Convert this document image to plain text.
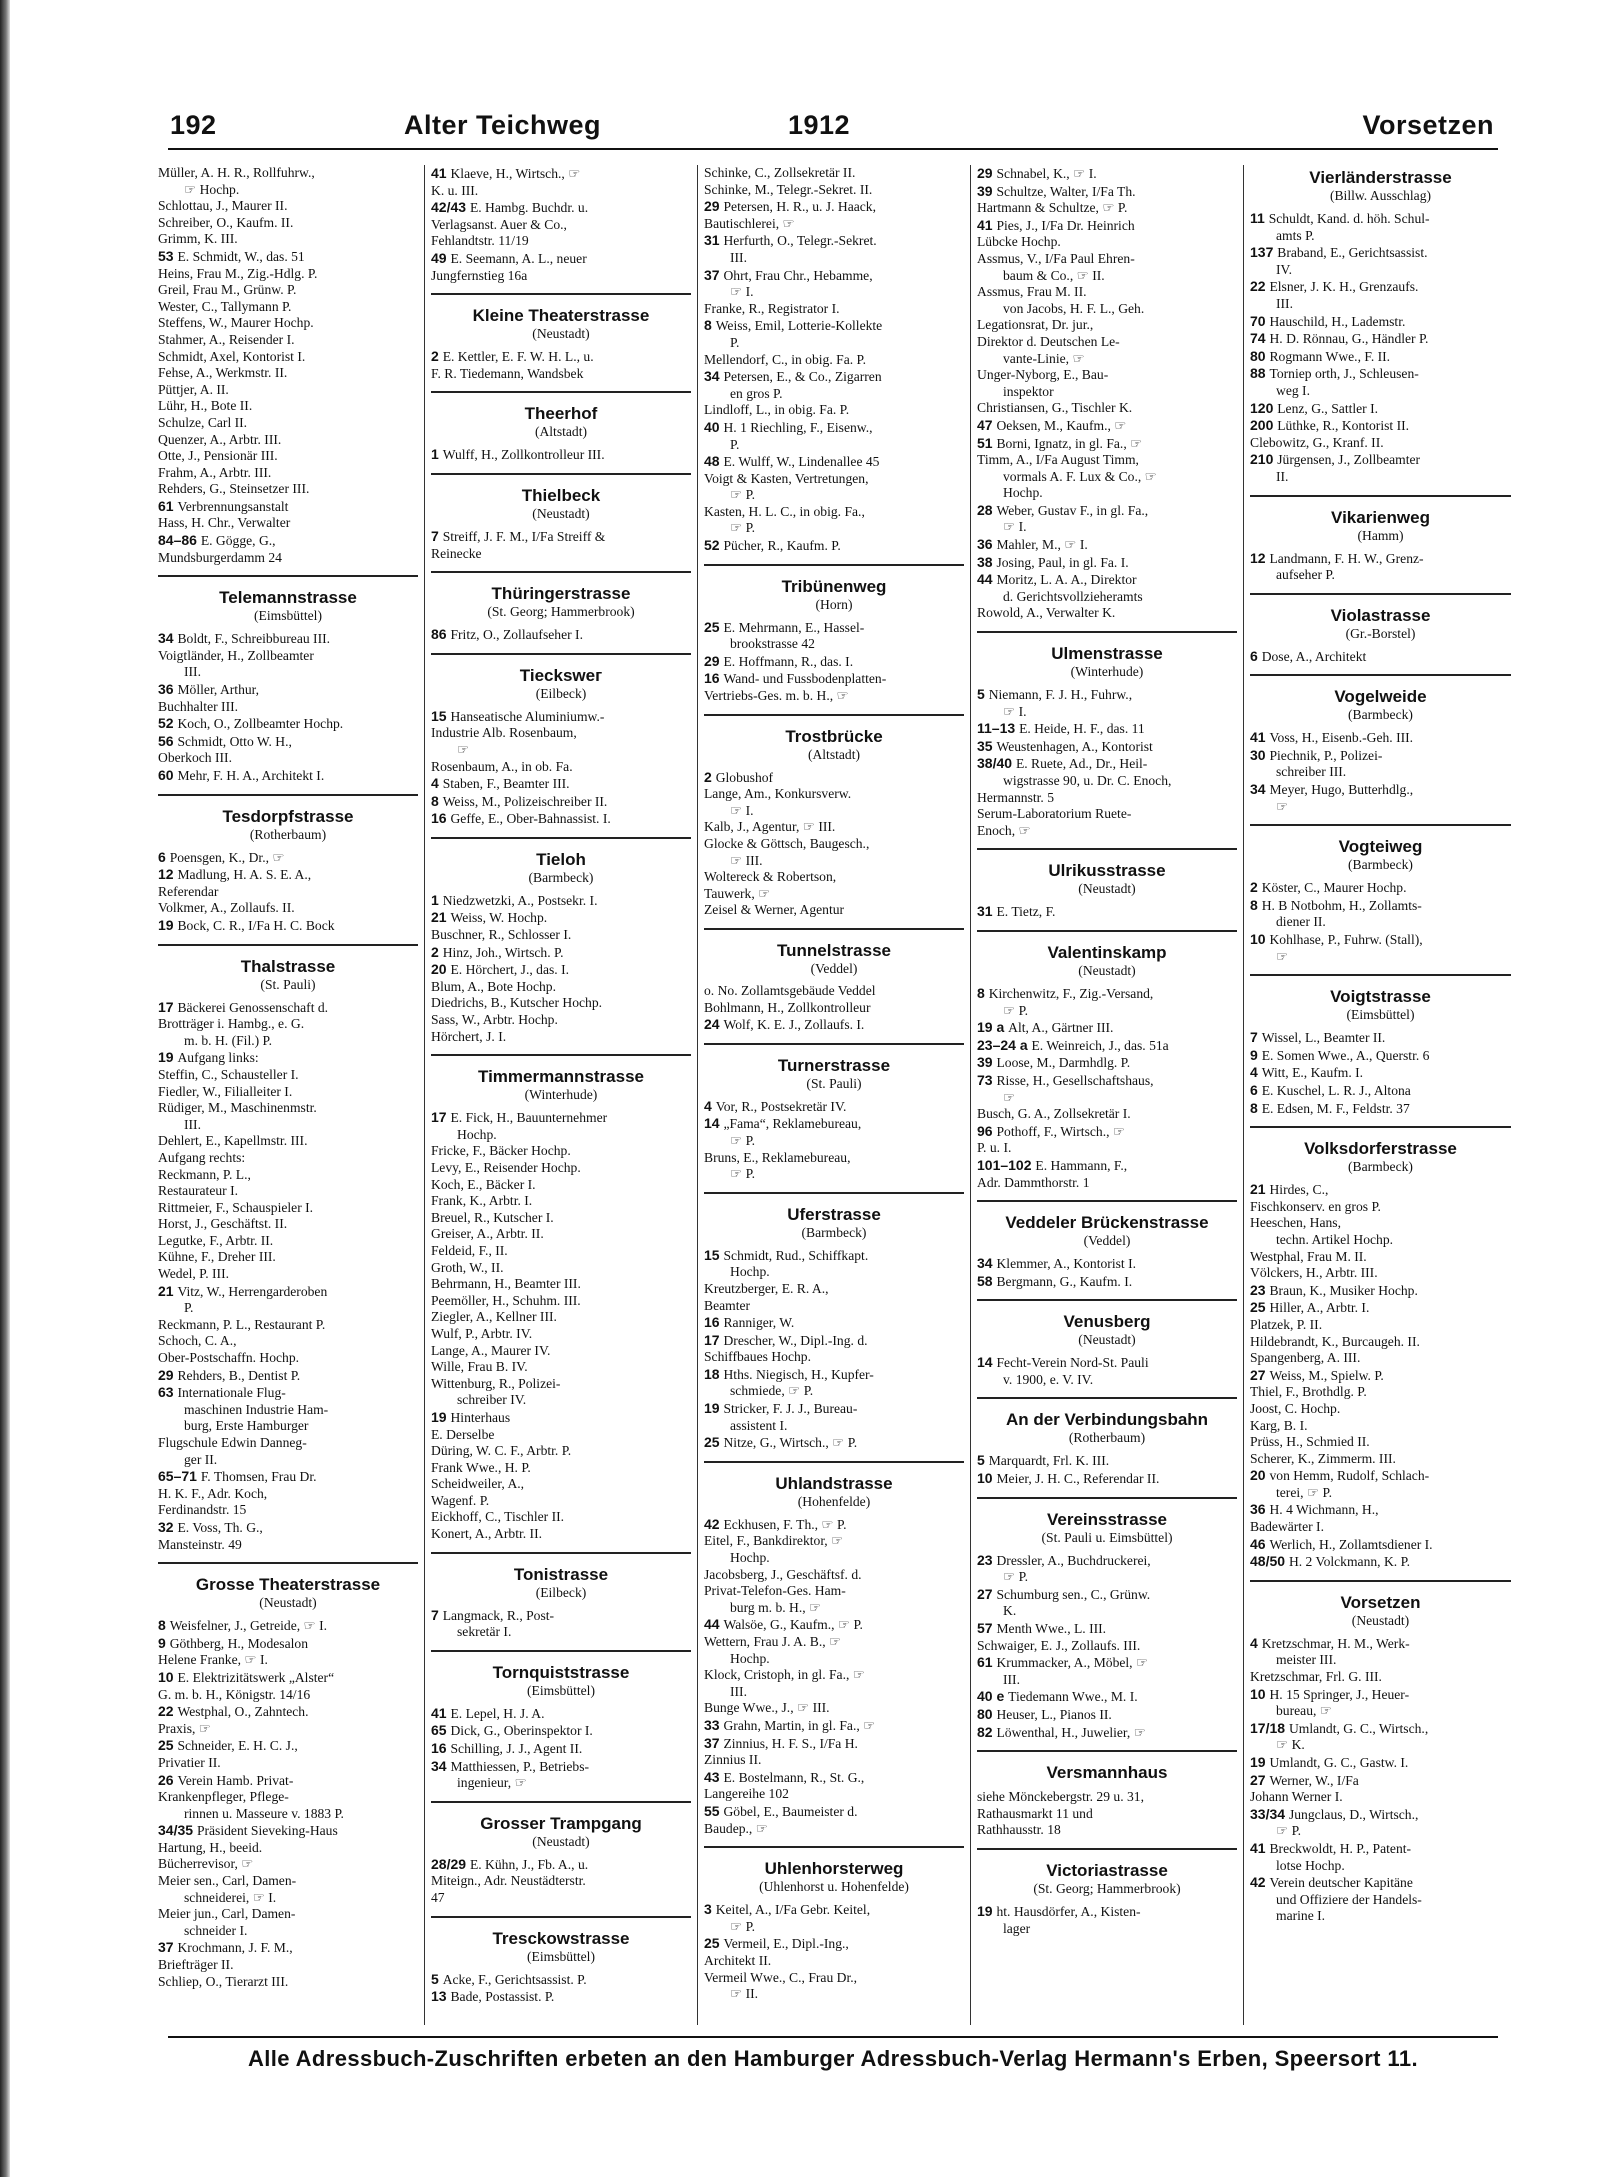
192	Alter Teichweg	1912	Vorsetzen
Müller, A. H. R., Rollfuhrw.,
☞ Hochp.
Schlottau, J., Maurer II.
Schreiber, O., Kaufm. II.
Grimm, K. III.
53 E. Schmidt, W., das. 51
Heins, Frau M., Zig.-Hdlg. P.
Greil, Frau M., Grünw. P.
Wester, C., Tallymann P.
Steffens, W., Maurer Hochp.
Stahmer, A., Reisender I.
Schmidt, Axel, Kontorist I.
Fehse, A., Werkmstr. II.
Püttjer, A. II.
Lühr, H., Bote II.
Schulze, Carl II.
Quenzer, A., Arbtr. III.
Otte, J., Pensionär III.
Frahm, A., Arbtr. III.
Rehders, G., Steinsetzer III.
61 Verbrennungsanstalt
Hass, H. Chr., Verwalter
84–86 E. Gögge, G.,
Mundsburgerdamm 24
Telemannstrasse
(Eimsbüttel)
34 Boldt, F., Schreibbureau III.
Voigtländer, H., Zollbeamter
III.
36 Möller, Arthur,
Buchhalter III.
52 Koch, O., Zollbeamter Hochp.
56 Schmidt, Otto W. H.,
Oberkoch III.
60 Mehr, F. H. A., Architekt I.
Tesdorpfstrasse
(Rotherbaum)
6 Poensgen, K., Dr., ☞
12 Madlung, H. A. S. E. A.,
Referendar
Volkmer, A., Zollaufs. II.
19 Bock, C. R., I/Fa H. C. Bock
Thalstrasse
(St. Pauli)
17 Bäckerei Genossenschaft d.
Brotträger i. Hambg., e. G.
m. b. H. (Fil.) P.
19 Aufgang links:
Steffin, C., Schausteller I.
Fiedler, W., Filialleiter I.
Rüdiger, M., Maschinenmstr.
III.
Dehlert, E., Kapellmstr. III.
Aufgang rechts:
Reckmann, P. L.,
Restaurateur I.
Rittmeier, F., Schauspieler I.
Horst, J., Geschäftst. II.
Legutke, F., Arbtr. II.
Kühne, F., Dreher III.
Wedel, P. III.
21 Vitz, W., Herrengarderoben
P.
Reckmann, P. L., Restaurant P.
Schoch, C. A.,
Ober-Postschaffn. Hochp.
29 Rehders, B., Dentist P.
63 Internationale Flug-
maschinen Industrie Ham-
burg, Erste Hamburger
Flugschule Edwin Danneg-
ger II.
65–71 F. Thomsen, Frau Dr.
H. K. F., Adr. Koch,
Ferdinandstr. 15
32 E. Voss, Th. G.,
Mansteinstr. 49
Grosse Theaterstrasse
(Neustadt)
8 Weisfelner, J., Getreide, ☞ I.
9 Göthberg, H., Modesalon
Helene Franke, ☞ I.
10 E. Elektrizitätswerk „Alster“
G. m. b. H., Königstr. 14/16
22 Westphal, O., Zahntech.
Praxis, ☞
25 Schneider, E. H. C. J.,
Privatier II.
26 Verein Hamb. Privat-
Krankenpfleger, Pflege-
rinnen u. Masseure v. 1883 P.
34/35 Präsident Sieveking-Haus
Hartung, H., beeid.
Bücherrevisor, ☞
Meier sen., Carl, Damen-
schneiderei, ☞ I.
Meier jun., Carl, Damen-
schneider I.
37 Krochmann, J. F. M.,
Briefträger II.
Schliep, O., Tierarzt III.
41 Klaeve, H., Wirtsch., ☞
K. u. III.
42/43 E. Hambg. Buchdr. u.
Verlagsanst. Auer & Co.,
Fehlandtstr. 11/19
49 E. Seemann, A. L., neuer
Jungfernstieg 16a
Kleine Theaterstrasse
(Neustadt)
2 E. Kettler, E. F. W. H. L., u.
F. R. Tiedemann, Wandsbek
Theerhof
(Altstadt)
1 Wulff, H., Zollkontrolleur III.
Thielbeck
(Neustadt)
7 Streiff, J. F. M., I/Fa Streiff &
Reinecke
Thüringerstrasse
(St. Georg; Hammerbrook)
86 Fritz, O., Zollaufseher I.
Tieckswег
(Eilbeck)
15 Hanseatische Aluminiumw.-
Industrie Alb. Rosenbaum,
☞
Rosenbaum, A., in ob. Fa.
4 Staben, F., Beamter III.
8 Weiss, M., Polizeischreiber II.
16 Geffe, E., Ober-Bahnassist. I.
Tieloh
(Barmbeck)
1 Niedzwetzki, A., Postsekr. I.
21 Weiss, W. Hochp.
Buschner, R., Schlosser I.
2 Hinz, Joh., Wirtsch. P.
20 E. Hörchert, J., das. I.
Blum, A., Bote Hochp.
Diedrichs, B., Kutscher Hochp.
Sass, W., Arbtr. Hochp.
Hörchert, J. I.
Timmermannstrasse
(Winterhude)
17 E. Fick, H., Bauunternehmer
Hochp.
Fricke, F., Bäcker Hochp.
Levy, E., Reisender Hochp.
Koch, E., Bäcker I.
Frank, K., Arbtr. I.
Breuel, R., Kutscher I.
Greiser, A., Arbtr. II.
Feldeid, F., II.
Groth, W., II.
Behrmann, H., Beamter III.
Peemöller, H., Schuhm. III.
Ziegler, A., Kellner III.
Wulf, P., Arbtr. IV.
Lange, A., Maurer IV.
Wille, Frau B. IV.
Wittenburg, R., Polizei-
schreiber IV.
19 Hinterhaus
E. Derselbe
Düring, W. C. F., Arbtr. P.
Frank Wwe., H. P.
Scheidweiler, A.,
Wagenf. P.
Eickhoff, C., Tischler II.
Konert, A., Arbtr. II.
Tonistrasse
(Eilbeck)
7 Langmack, R., Post-
sekretär I.
Tornquiststrasse
(Eimsbüttel)
41 E. Lepel, H. J. A.
65 Dick, G., Oberinspektor I.
16 Schilling, J. J., Agent II.
34 Matthiessen, P., Betriebs-
ingenieur, ☞
Grosser Trampgang
(Neustadt)
28/29 E. Kühn, J., Fb. A., u.
Miteign., Adr. Neustädterstr.
47
Tresckowstrasse
(Eimsbüttel)
5 Acke, F., Gerichtsassist. P.
13 Bade, Postassist. P.
Schinke, C., Zollsekretär II.
Schinke, M., Telegr.-Sekret. II.
29 Petersen, H. R., u. J. Haack,
Bautischlerei, ☞
31 Herfurth, O., Telegr.-Sekret.
III.
37 Ohrt, Frau Chr., Hebamme,
☞ I.
Franke, R., Registrator I.
8 Weiss, Emil, Lotterie-Kollekte
P.
Mellendorf, C., in obig. Fa. P.
34 Petersen, E., & Co., Zigarren
en gros P.
Lindloff, L., in obig. Fa. P.
40 H. 1 Riechling, F., Eisenw.,
P.
48 E. Wulff, W., Lindenallee 45
Voigt & Kasten, Vertretungen,
☞ P.
Kasten, H. L. C., in obig. Fa.,
☞ P.
52 Pücher, R., Kaufm. P.
Tribünenweg
(Horn)
25 E. Mehrmann, E., Hassel-
brookstrasse 42
29 E. Hoffmann, R., das. I.
16 Wand- und Fussbodenplatten-
Vertriebs-Ges. m. b. H., ☞
Trostbrücke
(Altstadt)
2 Globushof
Lange, Am., Konkursverw.
☞ I.
Kalb, J., Agentur, ☞ III.
Glocke & Göttsch, Baugesch.,
☞ III.
Woltereck & Robertson,
Tauwerk, ☞
Zeisel & Werner, Agentur
Tunnelstrasse
(Veddel)
o. No. Zollamtsgebäude Veddel
Bohlmann, H., Zollkontrolleur
24 Wolf, K. E. J., Zollaufs. I.
Turnerstrasse
(St. Pauli)
4 Vor, R., Postsekretär IV.
14 „Fama“, Reklamebureau,
☞ P.
Bruns, E., Reklamebureau,
☞ P.
Uferstrasse
(Barmbeck)
15 Schmidt, Rud., Schiffkapt.
Hochp.
Kreutzberger, E. R. A.,
Beamter
16 Ranniger, W.
17 Drescher, W., Dipl.-Ing. d.
Schiffbaues Hochp.
18 Hths. Niegisch, H., Kupfer-
schmiede, ☞ P.
19 Stricker, F. J. J., Bureau-
assistent I.
25 Nitze, G., Wirtsch., ☞ P.
Uhlandstrasse
(Hohenfelde)
42 Eckhusen, F. Th., ☞ P.
Eitel, F., Bankdirektor, ☞
Hochp.
Jacobsberg, J., Geschäftsf. d.
Privat-Telefon-Ges. Ham-
burg m. b. H., ☞
44 Walsöe, G., Kaufm., ☞ P.
Wettern, Frau J. A. B., ☞
Hochp.
Klock, Cristoph, in gl. Fa., ☞
III.
Bunge Wwe., J., ☞ III.
33 Grahn, Martin, in gl. Fa., ☞
37 Zinnius, H. F. S., I/Fa H.
Zinnius II.
43 E. Bostelmann, R., St. G.,
Langereihe 102
55 Göbel, E., Baumeister d.
Baudep., ☞
Uhlenhorsterweg
(Uhlenhorst u. Hohenfelde)
3 Keitel, A., I/Fa Gebr. Keitel,
☞ P.
25 Vermeil, E., Dipl.-Ing.,
Architekt II.
Vermeil Wwe., C., Frau Dr.,
☞ II.
29 Schnabel, K., ☞ I.
39 Schultze, Walter, I/Fa Th.
Hartmann & Schultze, ☞ P.
41 Pies, J., I/Fa Dr. Heinrich
Lübcke Hochp.
Assmus, V., I/Fa Paul Ehren-
baum & Co., ☞ II.
Assmus, Frau M. II.
von Jacobs, H. F. L., Geh.
Legationsrat, Dr. jur.,
Direktor d. Deutschen Le-
vante-Linie, ☞
Unger-Nyborg, E., Bau-
inspektor
Christiansen, G., Tischler K.
47 Oeksen, M., Kaufm., ☞
51 Borni, Ignatz, in gl. Fa., ☞
Timm, A., I/Fa August Timm,
vormals A. F. Lux & Co., ☞
Hochp.
28 Weber, Gustav F., in gl. Fa.,
☞ I.
36 Mahler, M., ☞ I.
38 Josing, Paul, in gl. Fa. I.
44 Moritz, L. A. A., Direktor
d. Gerichtsvollzieheramts
Rowold, A., Verwalter K.
Ulmenstrasse
(Winterhude)
5 Niemann, F. J. H., Fuhrw.,
☞ I.
11–13 E. Heide, H. F., das. 11
35 Weustenhagen, A., Kontorist
38/40 E. Ruete, Ad., Dr., Heil-
wigstrasse 90, u. Dr. C. Enoch,
Hermannstr. 5
Serum-Laboratorium Ruete-
Enoch, ☞
Ulrikusstrasse
(Neustadt)
31 E. Tietz, F.
Valentinskamp
(Neustadt)
8 Kirchenwitz, F., Zig.-Versand,
☞ P.
19 a Alt, A., Gärtner III.
23–24 a E. Weinreich, J., das. 51a
39 Loose, M., Darmhdlg. P.
73 Risse, H., Gesellschaftshaus,
☞
Busch, G. A., Zollsekretär I.
96 Pothoff, F., Wirtsch., ☞
P. u. I.
101–102 E. Hammann, F.,
Adr. Dammthorstr. 1
Veddeler Brückenstrasse
(Veddel)
34 Klemmer, A., Kontorist I.
58 Bergmann, G., Kaufm. I.
Venusberg
(Neustadt)
14 Fecht-Verein Nord-St. Pauli
v. 1900, e. V. IV.
An der Verbindungsbahn
(Rotherbaum)
5 Marquardt, Frl. K. III.
10 Meier, J. H. C., Referendar II.
Vereinsstrasse
(St. Pauli u. Eimsbüttel)
23 Dressler, A., Buchdruckerei,
☞ P.
27 Schumburg sen., C., Grünw.
K.
57 Menth Wwe., L. III.
Schwaiger, E. J., Zollaufs. III.
61 Krummacker, A., Möbel, ☞
III.
40 e Tiedemann Wwe., M. I.
80 Heuser, L., Pianos II.
82 Löwenthal, H., Juwelier, ☞
Versmannhaus
siehe Mönckebergstr. 29 u. 31,
Rathausmarkt 11 und
Rathhausstr. 18
Victoriastrasse
(St. Georg; Hammerbrook)
19 ht. Hausdörfer, A., Kisten-
lager
Vierländerstrasse
(Billw. Ausschlag)
11 Schuldt, Kand. d. höh. Schul-
amts P.
137 Braband, E., Gerichtsassist.
IV.
22 Elsner, J. K. H., Grenzaufs.
III.
70 Hauschild, H., Lademstr.
74 H. D. Rönnau, G., Händler P.
80 Rogmann Wwe., F. II.
88 Torniep orth, J., Schleusen-
weg I.
120 Lenz, G., Sattler I.
200 Lüthke, R., Kontorist II.
Clebowitz, G., Kranf. II.
210 Jürgensen, J., Zollbeamter
II.
Vikarienweg
(Hamm)
12 Landmann, F. H. W., Grenz-
aufseher P.
Violastrasse
(Gr.-Borstel)
6 Dose, A., Architekt
Vogelweide
(Barmbeck)
41 Voss, H., Eisenb.-Geh. III.
30 Piechnik, P., Polizei-
schreiber III.
34 Meyer, Hugo, Butterhdlg.,
☞
Vogteiweg
(Barmbeck)
2 Köster, C., Maurer Hochp.
8 H. B Notbohm, H., Zollamts-
diener II.
10 Kohlhase, P., Fuhrw. (Stall),
☞
Voigtstrasse
(Eimsbüttel)
7 Wissel, L., Beamter II.
9 E. Somen Wwe., A., Querstr. 6
4 Witt, E., Kaufm. I.
6 E. Kuschel, L. R. J., Altona
8 E. Edsen, M. F., Feldstr. 37
Volksdorferstrasse
(Barmbeck)
21 Hirdes, C.,
Fischkonserv. en gros P.
Heeschen, Hans,
techn. Artikel Hochp.
Westphal, Frau M. II.
Völckers, H., Arbtr. III.
23 Braun, K., Musiker Hochp.
25 Hiller, A., Arbtr. I.
Platzek, P. II.
Hildebrandt, K., Burcaugeh. II.
Spangenberg, A. III.
27 Weiss, M., Spielw. P.
Thiel, F., Brothdlg. P.
Joost, C. Hochp.
Karg, B. I.
Prüss, H., Schmied II.
Scherer, K., Zimmerm. III.
20 von Hemm, Rudolf, Schlach-
terei, ☞ P.
36 H. 4 Wichmann, H.,
Badewärter I.
46 Werlich, H., Zollamtsdiener I.
48/50 H. 2 Volckmann, K. P.
Vorsetzen
(Neustadt)
4 Kretzschmar, H. M., Werk-
meister III.
Kretzschmar, Frl. G. III.
10 H. 15 Springer, J., Heuer-
bureau, ☞
17/18 Umlandt, G. C., Wirtsch.,
☞ K.
19 Umlandt, G. C., Gastw. I.
27 Werner, W., I/Fa
Johann Werner I.
33/34 Jungclaus, D., Wirtsch.,
☞ P.
41 Breckwoldt, H. P., Patent-
lotse Hochp.
42 Verein deutscher Kapitäne
und Offiziere der Handels-
marine I.
Alle Adressbuch-Zuschriften erbeten an den Hamburger Adressbuch-Verlag Hermann's Erben, Speersort 11.
